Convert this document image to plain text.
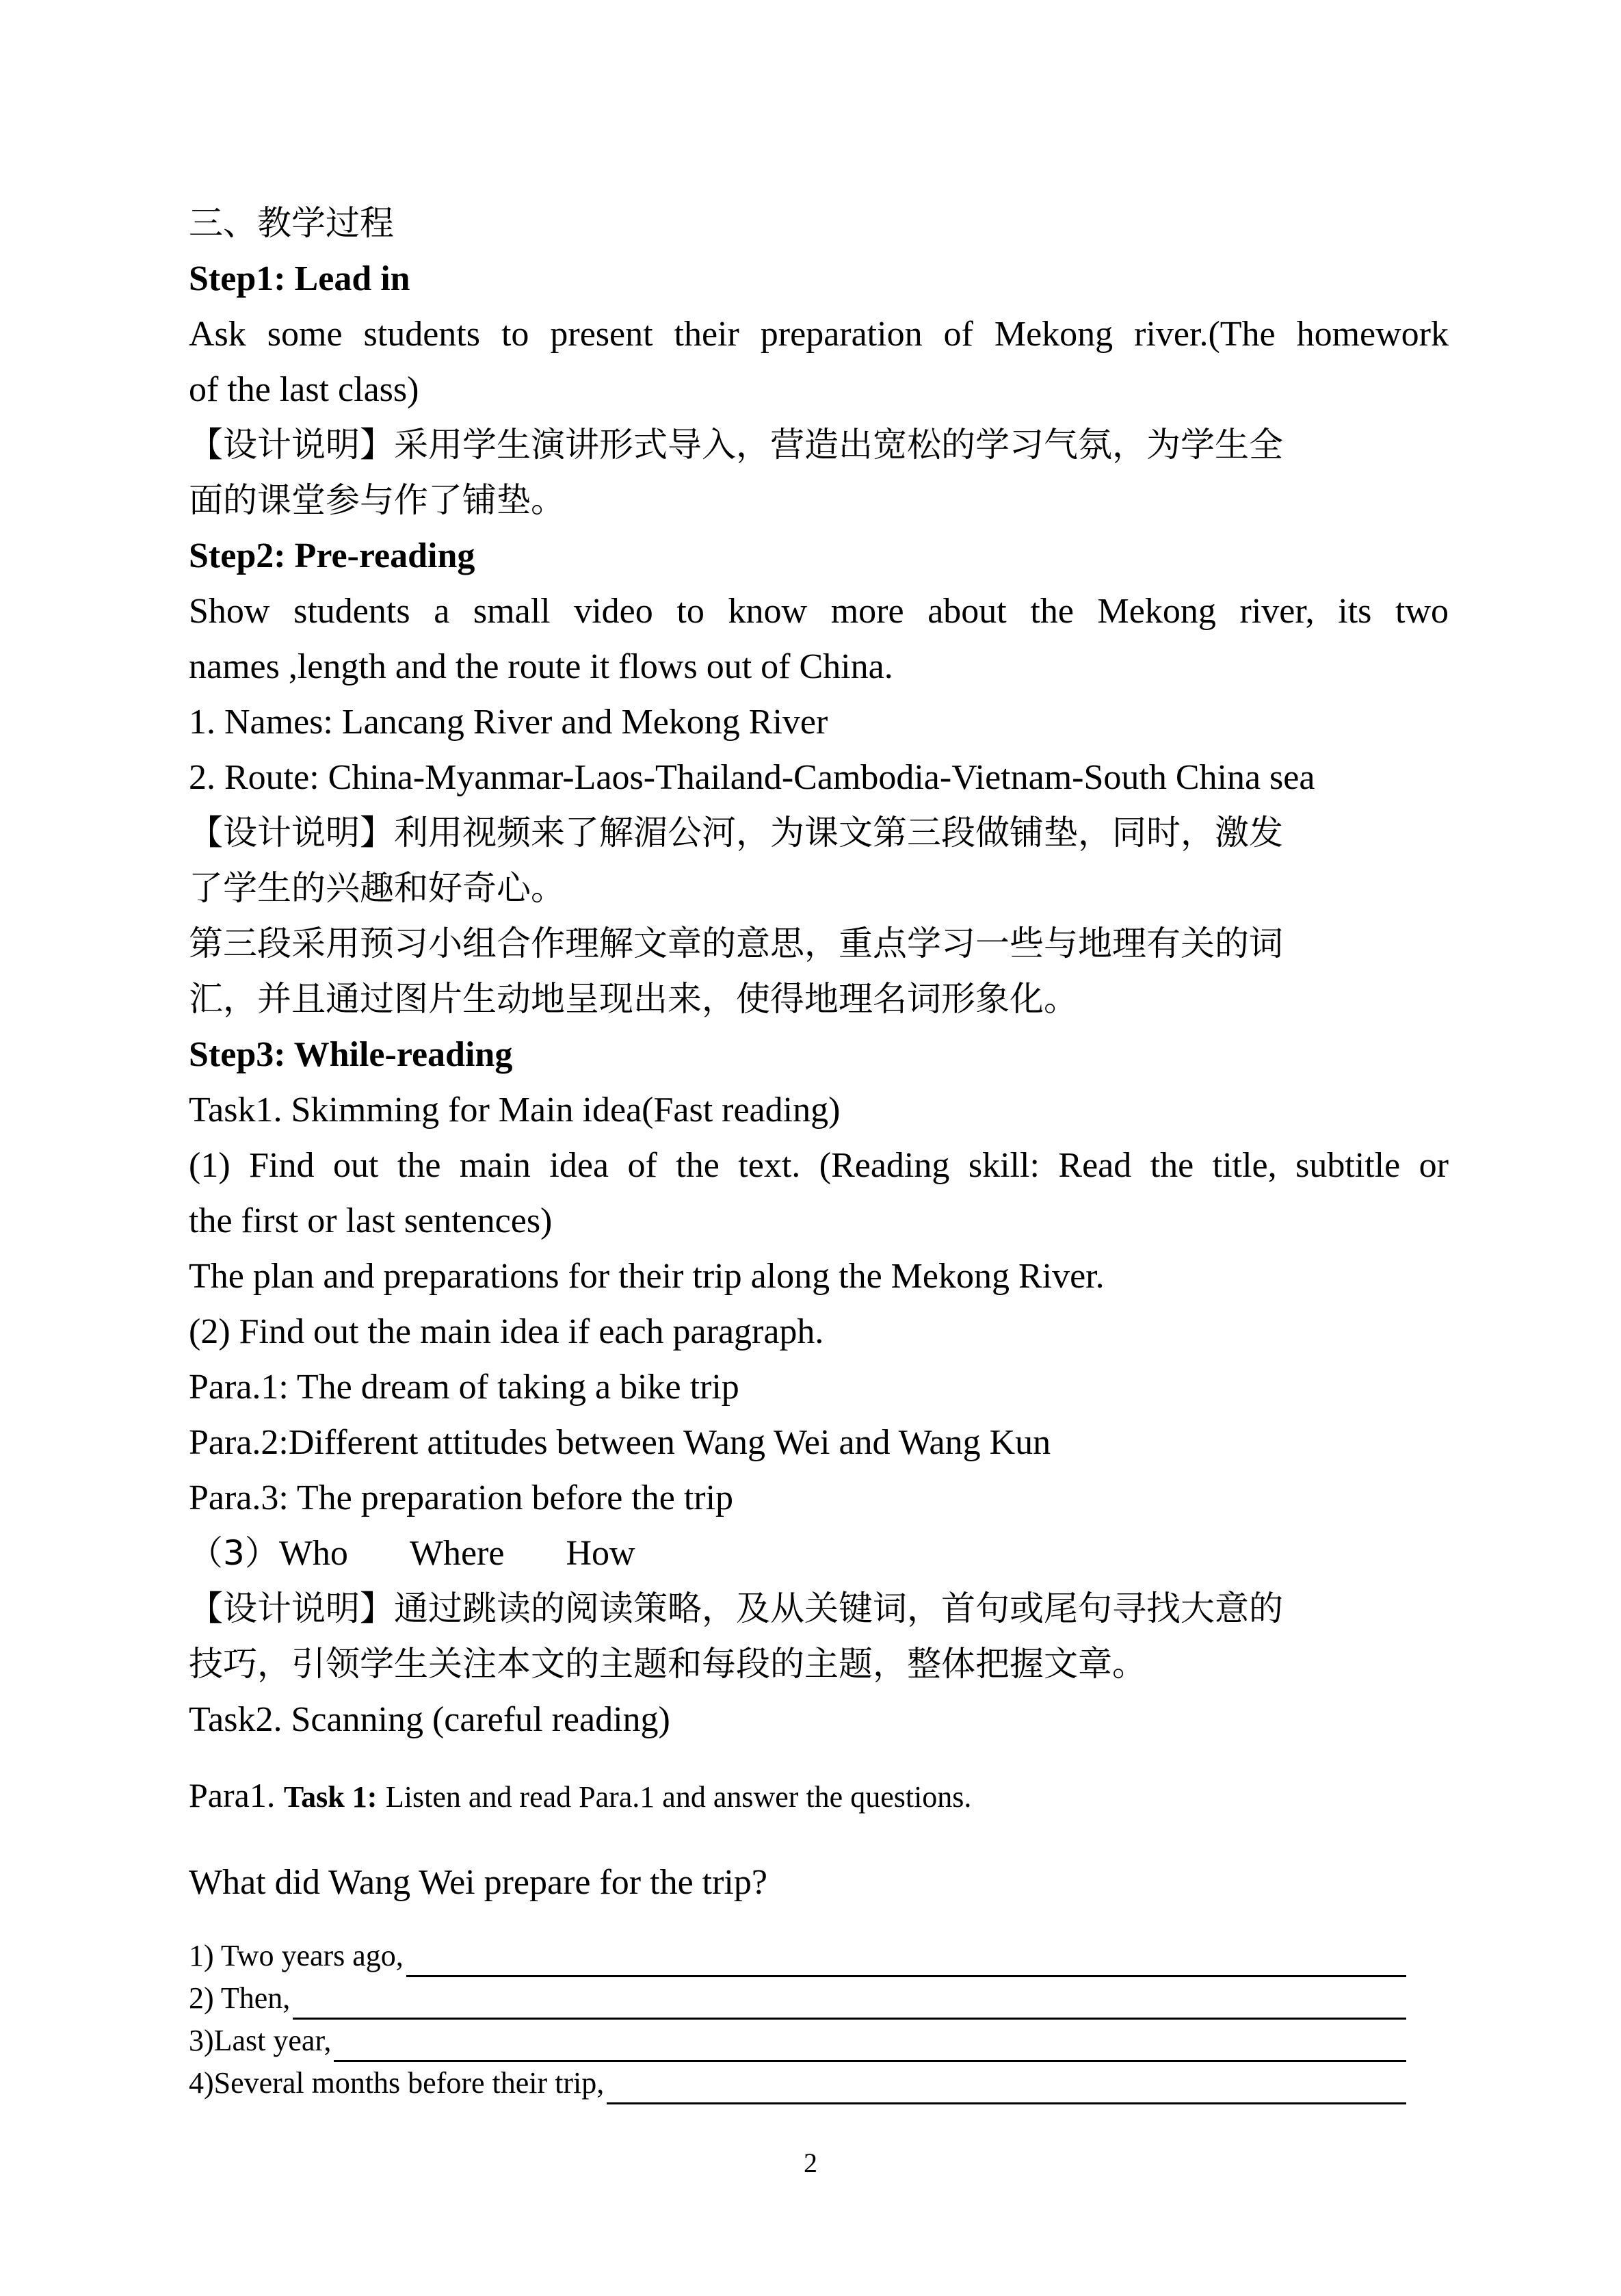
三、教学过程
Step1: Lead in
Ask some students to present their preparation of Mekong river.(The homework
of the last class)
【设计说明】采用学生演讲形式导入，营造出宽松的学习气氛，为学生全
面的课堂参与作了铺垫。
Step2: Pre-reading
Show students a small video to know more about the Mekong river, its two
names ,length and the route it flows out of China.
1. Names: Lancang River and Mekong River
2. Route: China-Myanmar-Laos-Thailand-Cambodia-Vietnam-South China sea
【设计说明】利用视频来了解湄公河，为课文第三段做铺垫，同时，激发
了学生的兴趣和好奇心。
第三段采用预习小组合作理解文章的意思，重点学习一些与地理有关的词
汇，并且通过图片生动地呈现出来，使得地理名词形象化。
Step3: While-reading
Task1. Skimming for Main idea(Fast reading)
(1) Find out the main idea of the text. (Reading skill: Read the title, subtitle or
the first or last sentences)
The plan and preparations for their trip along the Mekong River.
(2) Find out the main idea if each paragraph.
Para.1: The dream of taking a bike trip
Para.2:Different attitudes between Wang Wei and Wang Kun
Para.3: The preparation before the trip
（3）Who Where How
【设计说明】通过跳读的阅读策略，及从关键词，首句或尾句寻找大意的
技巧，引领学生关注本文的主题和每段的主题，整体把握文章。
Task2. Scanning (careful reading)
Para1. Task 1: Listen and read Para.1 and answer the questions.
What did Wang Wei prepare for the trip?
1) Two years ago,
2) Then,
3)Last year,
4)Several months before their trip,
2
